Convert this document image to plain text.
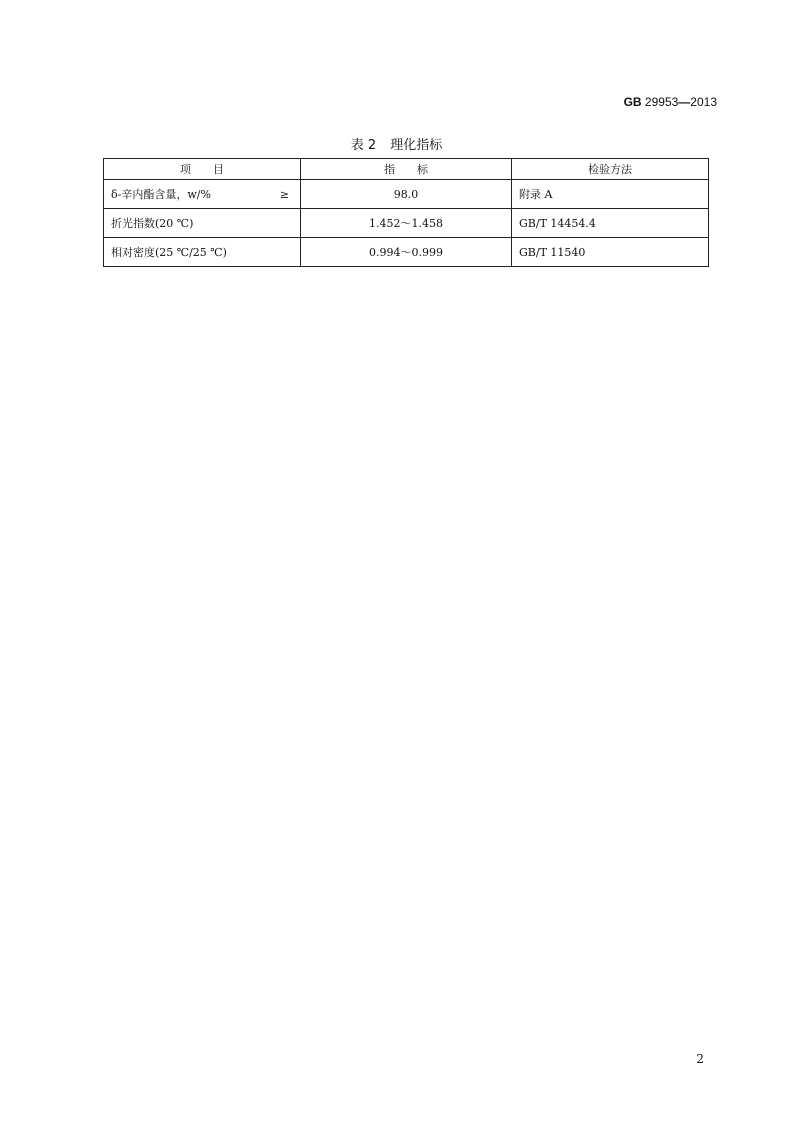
GB 29953—2013
表 2 理化指标
项　　目	指　　标	检验方法

δ-辛内酯含量，w/% ≥	98.0	附录 A
折光指数(20 ℃)	1.452～1.458	GB/T 14454.4
相对密度(25 ℃/25 ℃)	0.994～0.999	GB/T 11540
2
